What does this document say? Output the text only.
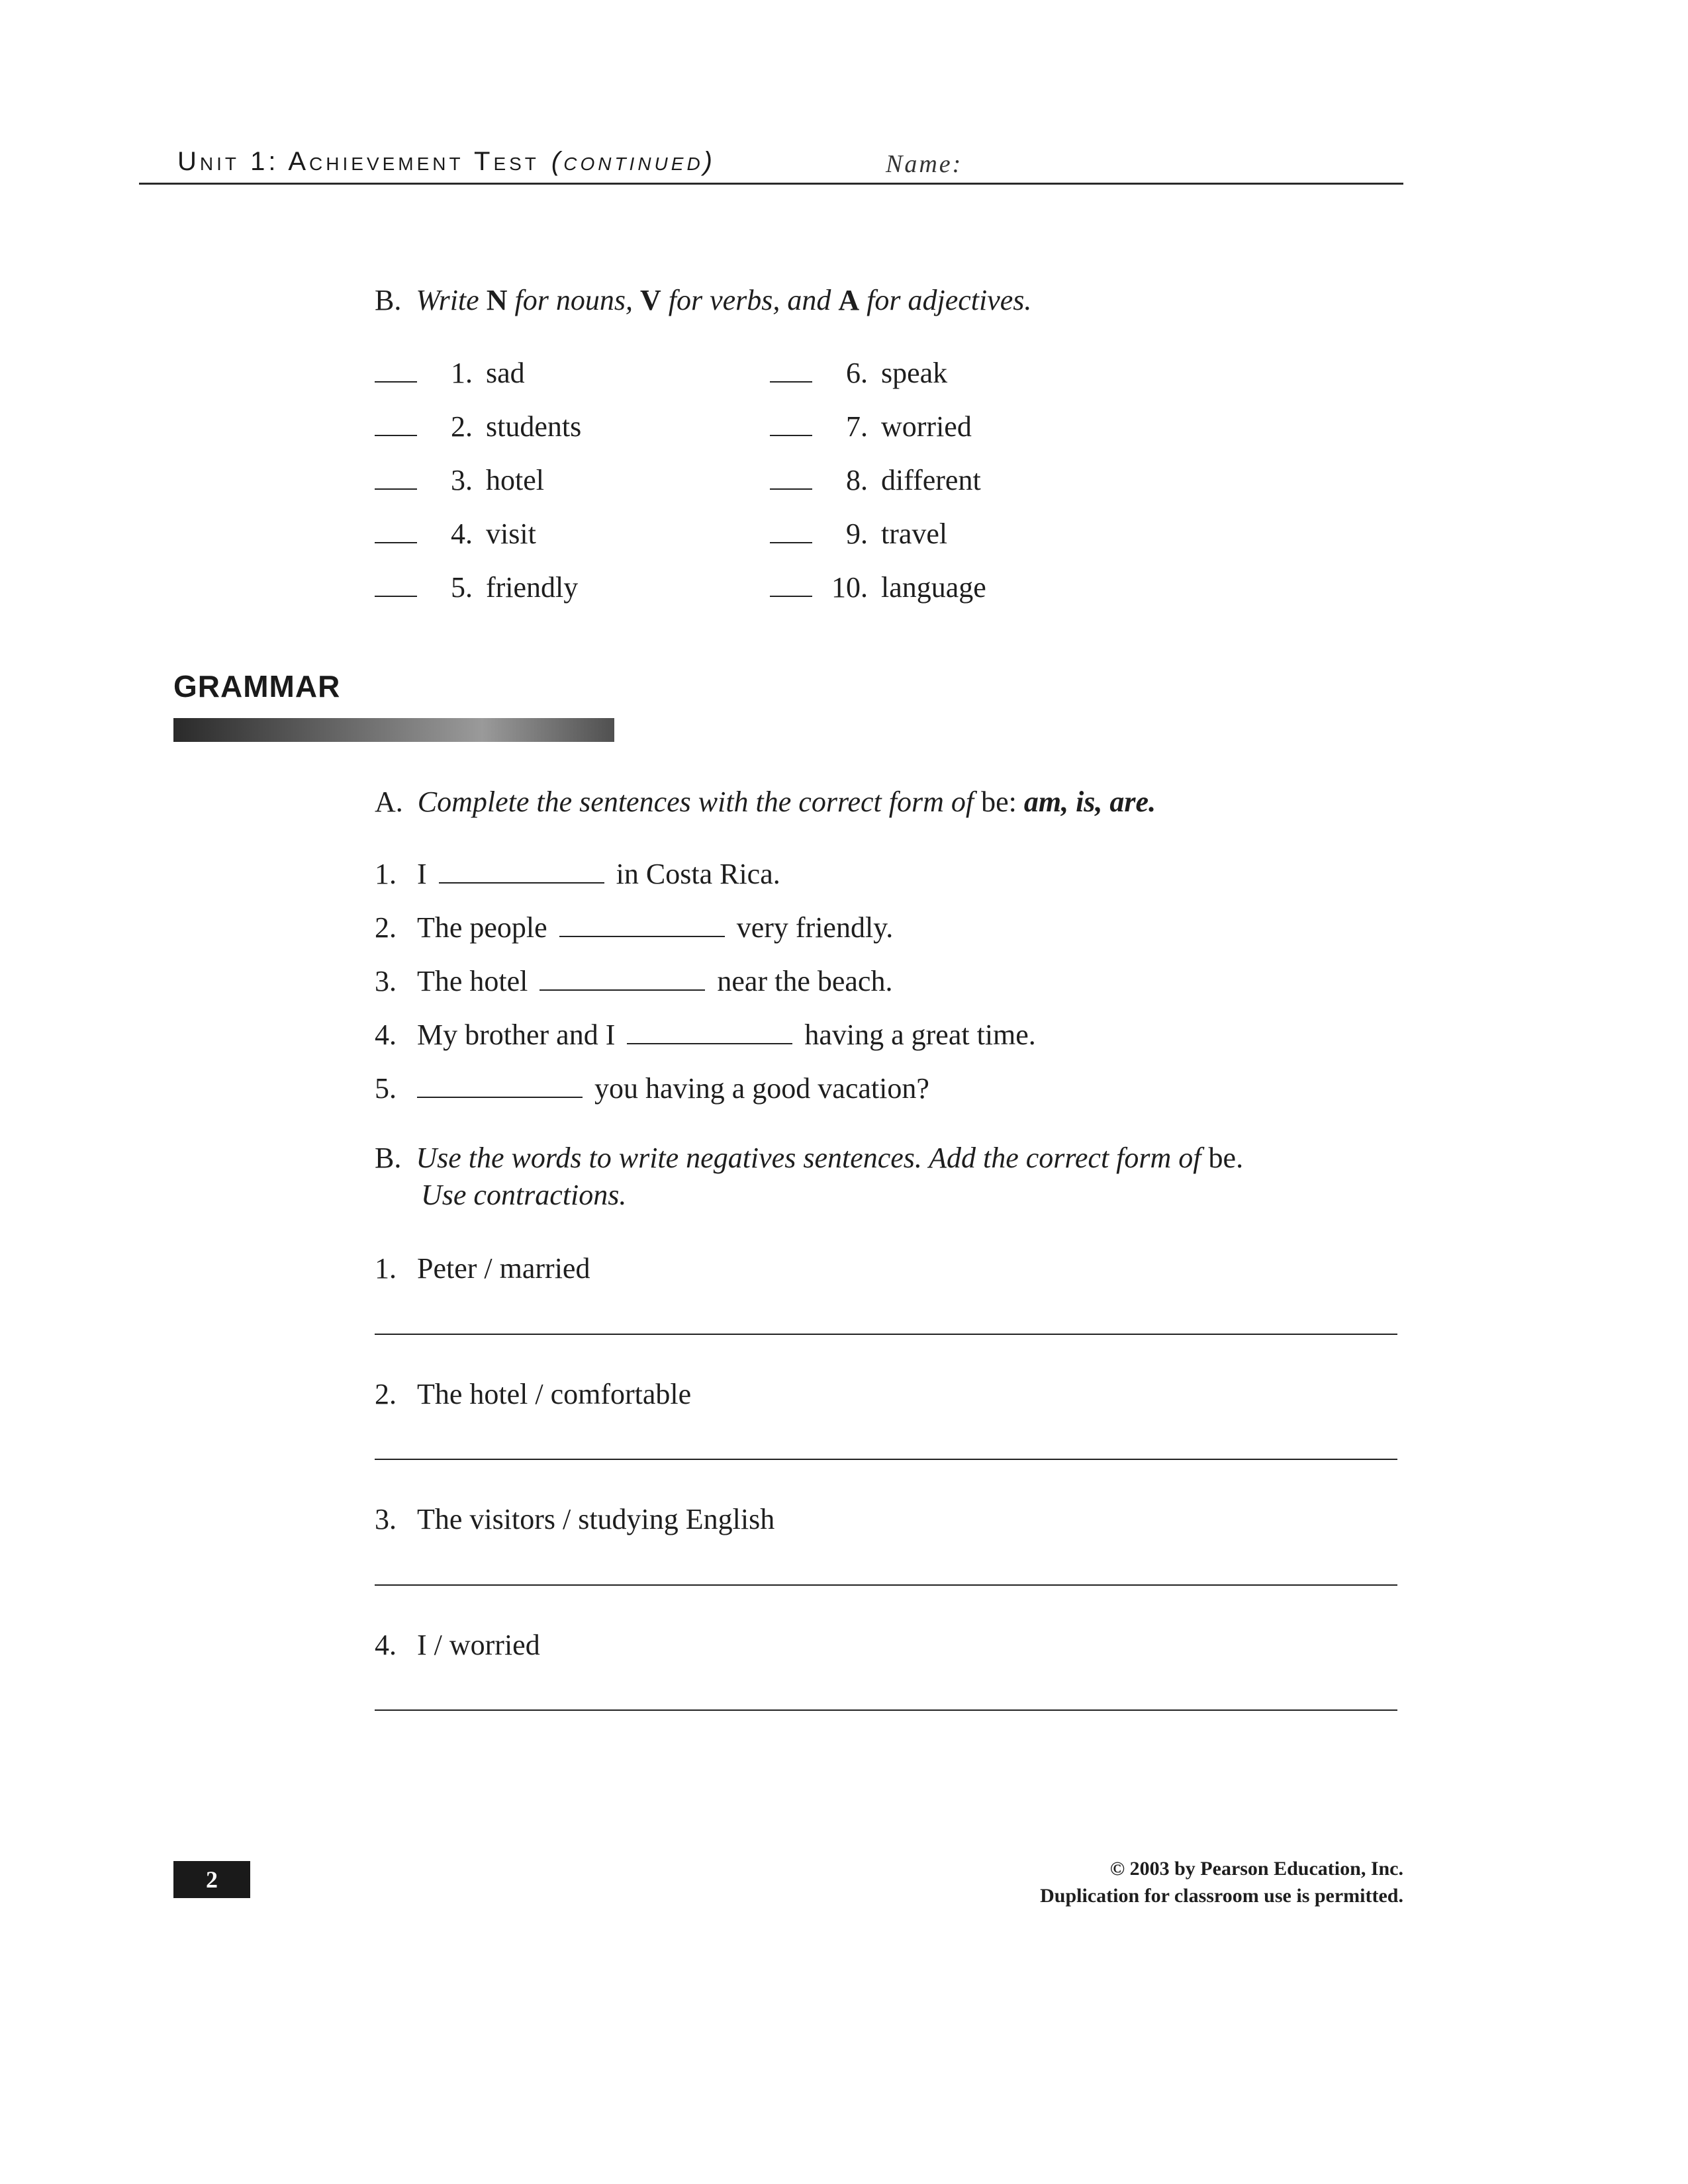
Unit 1: Achievement Test (continued)	Name:
B. Write N for nouns, V for verbs, and A for adjectives.
1. sad
2. students
3. hotel
4. visit
5. friendly
6. speak
7. worried
8. different
9. travel
10. language
GRAMMAR
A. Complete the sentences with the correct form of be: am, is, are.
1. I	in Costa Rica.
2. The people	very friendly.
3. The hotel	near the beach.
4. My brother and I	having a great time.
5.	you having a good vacation?
B. Use the words to write negatives sentences. Add the correct form of be.
Use contractions.
1. Peter / married
2. The hotel / comfortable
3. The visitors / studying English
4. I / worried
2	© 2003 by Pearson Education, Inc.
Duplication for classroom use is permitted.
